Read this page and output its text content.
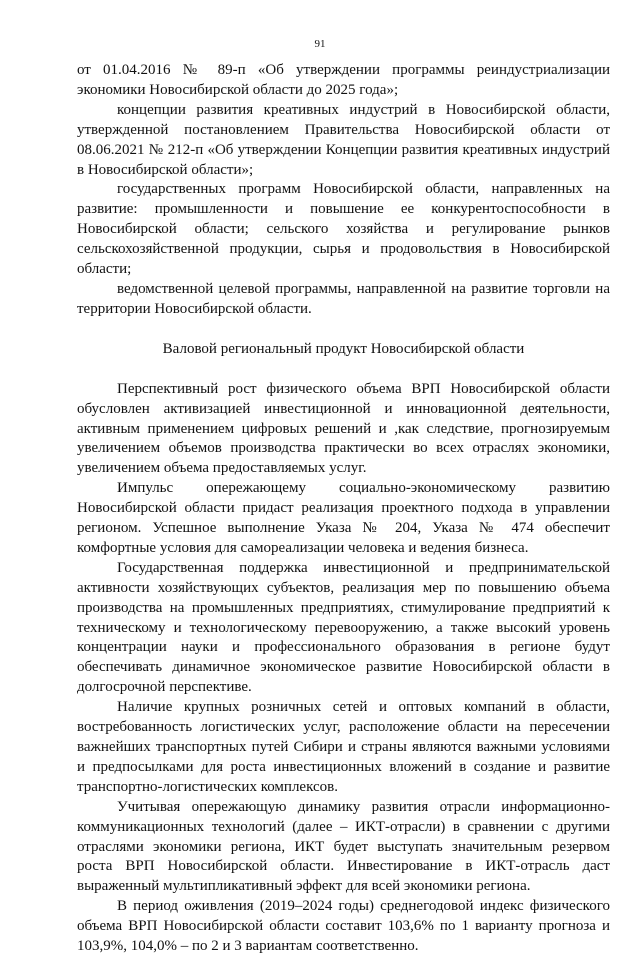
91

от 01.04.2016 № 89-п «Об утверждении программы реиндустриализации экономики Новосибирской области до 2025 года»;

концепции развития креативных индустрий в Новосибирской области, утвержденной постановлением Правительства Новосибирской области от 08.06.2021 № 212-п «Об утверждении Концепции развития креативных индустрий в Новосибирской области»;

государственных программ Новосибирской области, направленных на развитие: промышленности и повышение ее конкурентоспособности в Новосибирской области; сельского хозяйства и регулирование рынков сельскохозяйственной продукции, сырья и продовольствия в Новосибирской области;

ведомственной целевой программы, направленной на развитие торговли на территории Новосибирской области.

Валовой региональный продукт Новосибирской области

Перспективный рост физического объема ВРП Новосибирской области обусловлен активизацией инвестиционной и инновационной деятельности, активным применением цифровых решений и ,как следствие, прогнозируемым увеличением объемов производства практически во всех отраслях экономики, увеличением объема предоставляемых услуг.

Импульс опережающему социально-экономическому развитию Новосибирской области придаст реализация проектного подхода в управлении регионом. Успешное выполнение Указа № 204, Указа № 474 обеспечит комфортные условия для самореализации человека и ведения бизнеса.

Государственная поддержка инвестиционной и предпринимательской активности хозяйствующих субъектов, реализация мер по повышению объема производства на промышленных предприятиях, стимулирование предприятий к техническому и технологическому перевооружению, а также высокий уровень концентрации науки и профессионального образования в регионе будут обеспечивать динамичное экономическое развитие Новосибирской области в долгосрочной перспективе.

Наличие крупных розничных сетей и оптовых компаний в области, востребованность логистических услуг, расположение области на пересечении важнейших транспортных путей Сибири и страны являются важными условиями и предпосылками для роста инвестиционных вложений в создание и развитие транспортно-логистических комплексов.

Учитывая опережающую динамику развития отрасли информационно-коммуникационных технологий (далее – ИКТ-отрасли) в сравнении с другими отраслями экономики региона, ИКТ будет выступать значительным резервом роста ВРП Новосибирской области. Инвестирование в ИКТ-отрасль даст выраженный мультипликативный эффект для всей экономики региона.

В период оживления (2019–2024 годы) среднегодовой индекс физического объема ВРП Новосибирской области составит 103,6% по 1 варианту прогноза и 103,9%, 104,0% – по 2 и 3 вариантам соответственно.
